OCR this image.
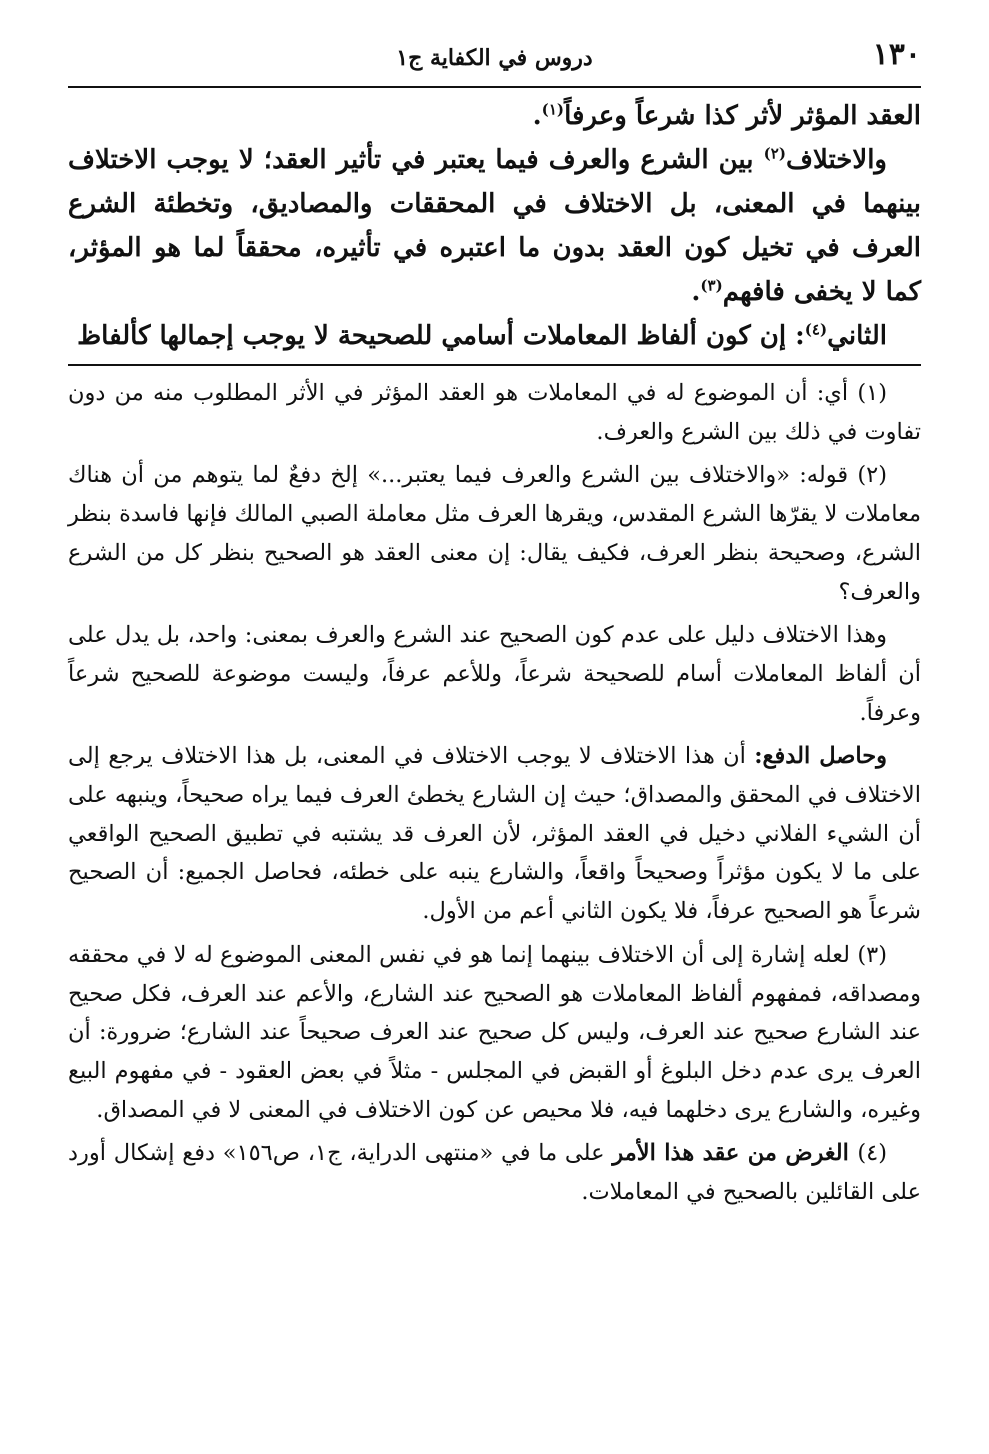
١٣٠
دروس في الكفاية ج١

العقد المؤثر لأثر كذا شرعاً وعرفاً$^{(١)}$.

والاختلاف$^{(٢)}$ بين الشرع والعرف فيما يعتبر في تأثير العقد؛ لا يوجب الاختلاف بينهما في المعنى، بل الاختلاف في المحققات والمصاديق، وتخطئة الشرع العرف في تخيل كون العقد بدون ما اعتبره في تأثيره، محققاً لما هو المؤثر، كما لا يخفى فافهم$^{(٣)}$.

الثاني$^{(٤)}$: إن كون ألفاظ المعاملات أسامي للصحيحة لا يوجب إجمالها كألفاظ

(١) أي: أن الموضوع له في المعاملات هو العقد المؤثر في الأثر المطلوب منه من دون تفاوت في ذلك بين الشرع والعرف.

(٢) قوله: «والاختلاف بين الشرع والعرف فيما يعتبر...» إلخ دفعٌ لما يتوهم من أن هناك معاملات لا يقرّها الشرع المقدس، ويقرها العرف مثل معاملة الصبي المالك فإنها فاسدة بنظر الشرع، وصحيحة بنظر العرف، فكيف يقال: إن معنى العقد هو الصحيح بنظر كل من الشرع والعرف؟

وهذا الاختلاف دليل على عدم كون الصحيح عند الشرع والعرف بمعنى: واحد، بل يدل على أن ألفاظ المعاملات أسام للصحيحة شرعاً، وللأعم عرفاً، وليست موضوعة للصحيح شرعاً وعرفاً.

وحاصل الدفع: أن هذا الاختلاف لا يوجب الاختلاف في المعنى، بل هذا الاختلاف يرجع إلى الاختلاف في المحقق والمصداق؛ حيث إن الشارع يخطئ العرف فيما يراه صحيحاً، وينبهه على أن الشيء الفلاني دخيل في العقد المؤثر، لأن العرف قد يشتبه في تطبيق الصحيح الواقعي على ما لا يكون مؤثراً وصحيحاً واقعاً، والشارع ينبه على خطئه، فحاصل الجميع: أن الصحيح شرعاً هو الصحيح عرفاً، فلا يكون الثاني أعم من الأول.

(٣) لعله إشارة إلى أن الاختلاف بينهما إنما هو في نفس المعنى الموضوع له لا في محققه ومصداقه، فمفهوم ألفاظ المعاملات هو الصحيح عند الشارع، والأعم عند العرف، فكل صحيح عند الشارع صحيح عند العرف، وليس كل صحيح عند العرف صحيحاً عند الشارع؛ ضرورة: أن العرف يرى عدم دخل البلوغ أو القبض في المجلس - مثلاً في بعض العقود - في مفهوم البيع وغيره، والشارع يرى دخلهما فيه، فلا محيص عن كون الاختلاف في المعنى لا في المصداق.

(٤) الغرض من عقد هذا الأمر على ما في «منتهى الدراية، ج١، ص١٥٦» دفع إشكال أورد على القائلين بالصحيح في المعاملات.
